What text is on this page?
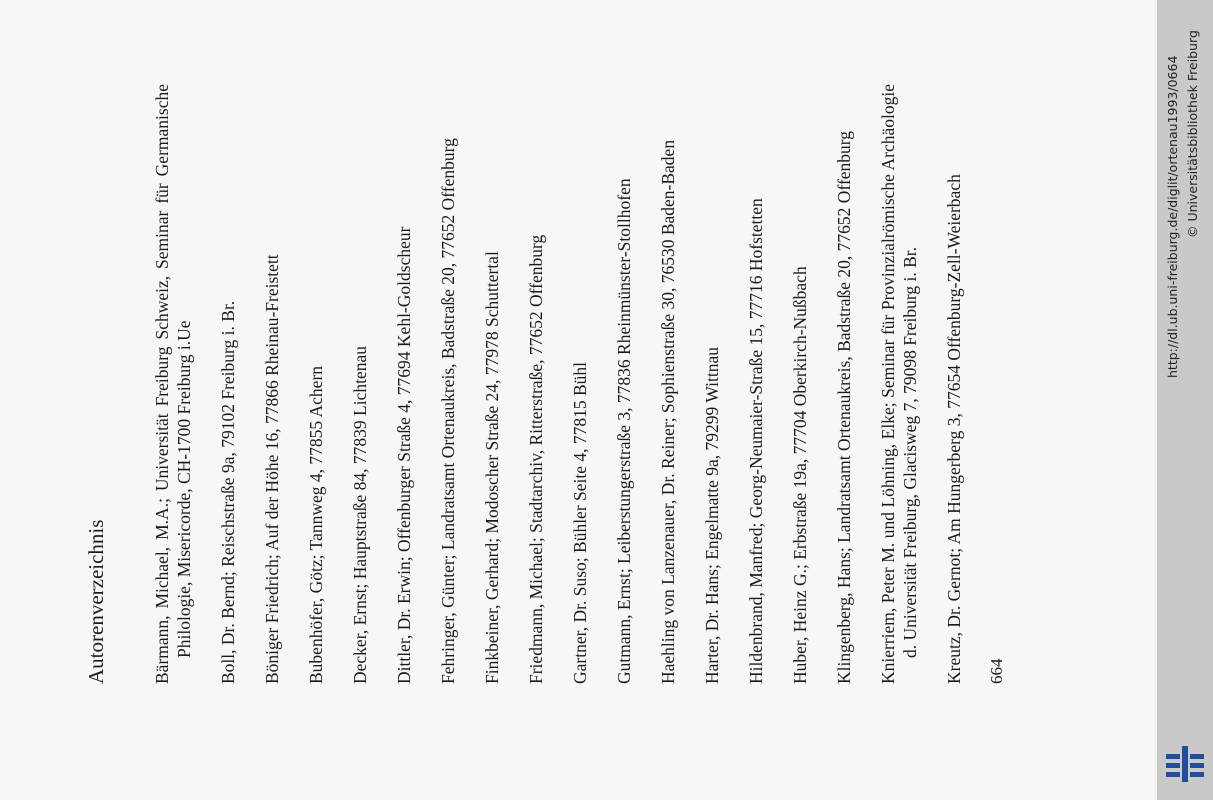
Autorenverzeichnis	Bärmann, Michael, M.A.; Universität Freiburg Schweiz, Seminar für Germanische Philologie, Misericorde, CH-1700 Freiburg i.Ue Boll, Dr. Bernd; Reischstraße 9a, 79102 Freiburg i. Br. Böniger Friedrich; Auf der Höhe 16, 77866 Rheinau-Freistett Bubenhöfer, Götz; Tannweg 4, 77855 Achern Decker, Ernst; Hauptstraße 84, 77839 Lichtenau Dittler, Dr. Erwin; Offenburger Straße 4, 77694 Kehl-Goldscheur Fehringer, Günter; Landratsamt Ortenaukreis, Badstraße 20, 77652 Offenburg Finkbeiner, Gerhard; Modoscher Straße 24, 77978 Schuttertal Friedmann, Michael; Stadtarchiv, Ritterstraße, 77652 Offenburg Gartner, Dr. Suso; Bühler Seite 4, 77815 Bühl Gutmann, Ernst; Leiberstungerstraße 3, 77836 Rheinmünster-Stollhofen Haehling von Lanzenauer, Dr. Reiner; Sophienstraße 30, 76530 Baden-Baden Harter, Dr. Hans; Engelmatte 9a, 79299 Wittnau Hildenbrand, Manfred; Georg-Neumaier-Straße 15, 77716 Hofstetten Huber, Heinz G.; Erbstraße 19a, 77704 Oberkirch-Nußbach Klingenberg, Hans; Landratsamt Ortenaukreis, Badstraße 20, 77652 Offenburg Knierriem, Peter M. und Löhning, Elke; Seminar für Provinzialrömische Archäologie d. Universität Freiburg, Glacisweg 7, 79098 Freiburg i. Br. Kreutz, Dr. Gernot; Am Hungerberg 3, 77654 Offenburg-Zell-Weierbach 664
http://dl.ub.uni-freiburg.de/diglit/ortenau1993/0664 © Universitätsbibliothek Freiburg
